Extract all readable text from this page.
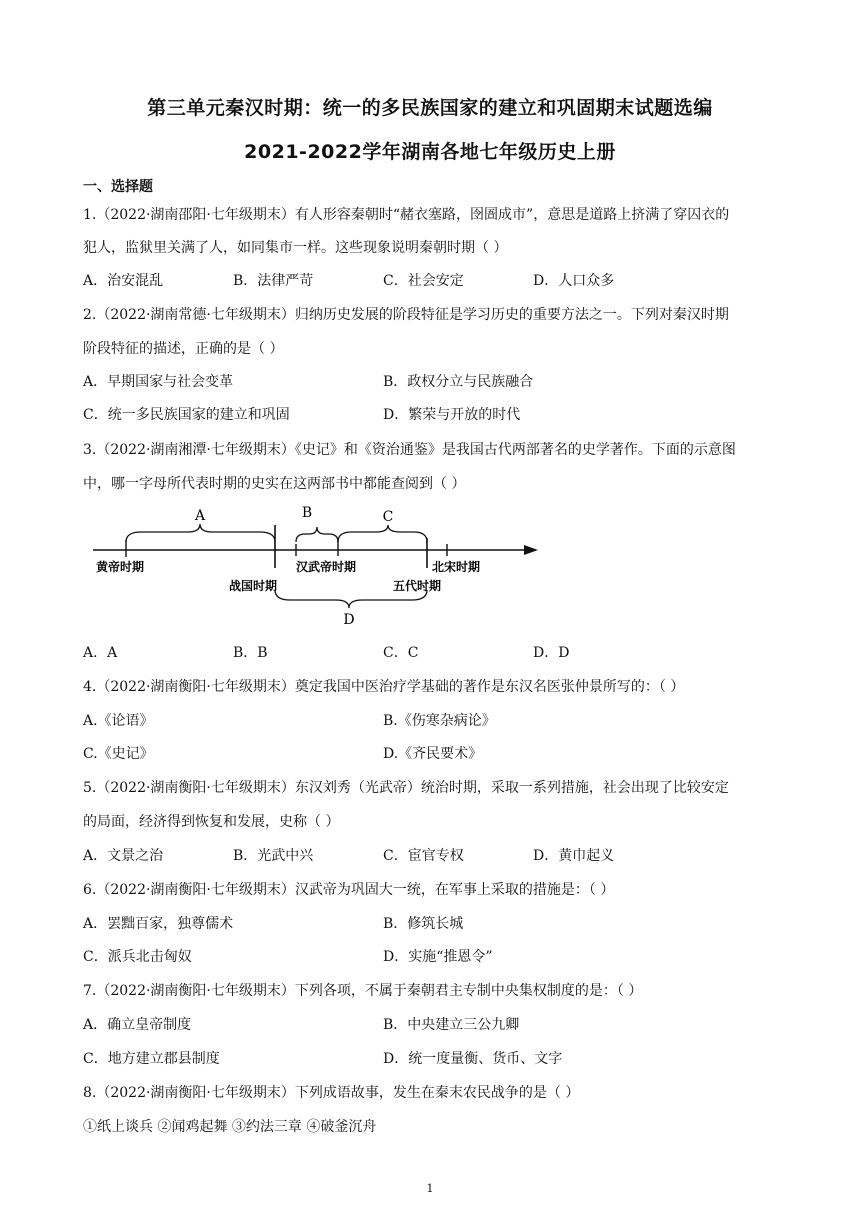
第三单元秦汉时期：统一的多民族国家的建立和巩固期末试题选编
2021-2022学年湖南各地七年级历史上册
一、选择题
1.（2022·湖南邵阳·七年级期末）有人形容秦朝时“赭衣塞路，囹圄成市”，意思是道路上挤满了穿囚衣的
犯人，监狱里关满了人，如同集市一样。这些现象说明秦朝时期（ ）
A．治安混乱	B．法律严苛	C．社会安定	D．人口众多
2.（2022·湖南常德·七年级期末）归纳历史发展的阶段特征是学习历史的重要方法之一。下列对秦汉时期
阶段特征的描述，正确的是（ ）
A．早期国家与社会变革	B．政权分立与民族融合
C．统一多民族国家的建立和巩固	D．繁荣与开放的时代
3.（2022·湖南湘潭·七年级期末）《史记》和《资治通鉴》是我国古代两部著名的史学著作。下面的示意图
中，哪一字母所代表时期的史实在这两部书中都能查阅到（ ）
A	B	C
D
黄帝时期
战国时期
汉武帝时期
五代时期
北宋时期
A．A	B．B	C．C	D．D
4.（2022·湖南衡阳·七年级期末）奠定我国中医治疗学基础的著作是东汉名医张仲景所写的：（ ）
A.《论语》	B.《伤寒杂病论》
C.《史记》	D.《齐民要术》
5.（2022·湖南衡阳·七年级期末）东汉刘秀（光武帝）统治时期，采取一系列措施，社会出现了比较安定
的局面，经济得到恢复和发展，史称（ ）
A．文景之治	B．光武中兴	C．宦官专权	D．黄巾起义
6.（2022·湖南衡阳·七年级期末）汉武帝为巩固大一统，在军事上采取的措施是：（ ）
A．罢黜百家，独尊儒术	B．修筑长城
C．派兵北击匈奴	D．实施“推恩令”
7.（2022·湖南衡阳·七年级期末）下列各项，不属于秦朝君主专制中央集权制度的是：（ ）
A．确立皇帝制度	B．中央建立三公九卿
C．地方建立郡县制度	D．统一度量衡、货币、文字
8.（2022·湖南衡阳·七年级期末）下列成语故事，发生在秦末农民战争的是（ ）
①纸上谈兵 ②闻鸡起舞 ③约法三章 ④破釜沉舟
1
